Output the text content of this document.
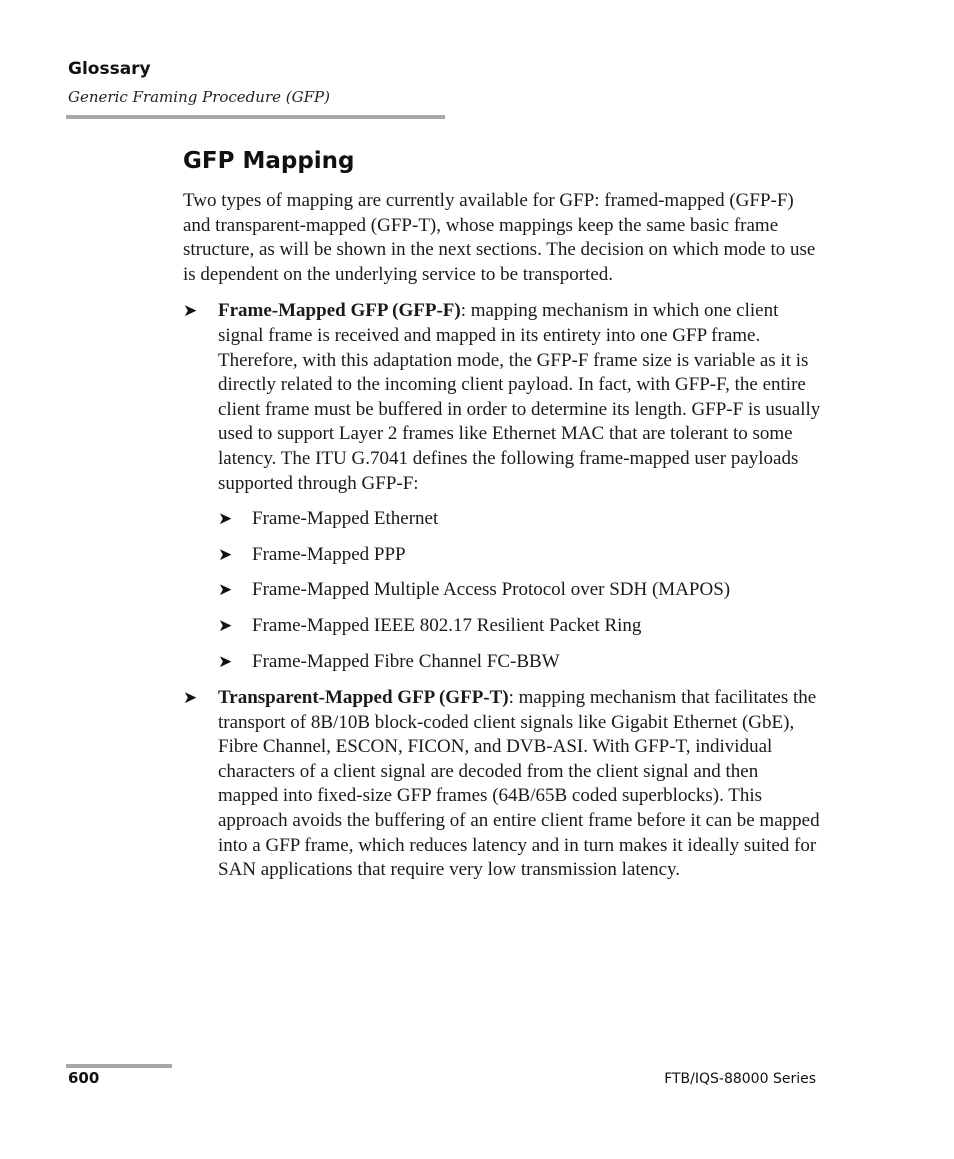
Glossary
Generic Framing Procedure (GFP)
GFP Mapping

Two types of mapping are currently available for GFP: framed-mapped (GFP-F) and transparent-mapped (GFP-T), whose mappings keep the same basic frame structure, as will be shown in the next sections. The decision on which mode to use is dependent on the underlying service to be transported.

➤ Frame-Mapped GFP (GFP-F): mapping mechanism in which one client signal frame is received and mapped in its entirety into one GFP frame. Therefore, with this adaptation mode, the GFP-F frame size is variable as it is directly related to the incoming client payload. In fact, with GFP-F, the entire client frame must be buffered in order to determine its length. GFP-F is usually used to support Layer 2 frames like Ethernet MAC that are tolerant to some latency. The ITU G.7041 defines the following frame-mapped user payloads supported through GFP-F:
➤ Frame-Mapped Ethernet
➤ Frame-Mapped PPP
➤ Frame-Mapped Multiple Access Protocol over SDH (MAPOS)
➤ Frame-Mapped IEEE 802.17 Resilient Packet Ring
➤ Frame-Mapped Fibre Channel FC-BBW
➤ Transparent-Mapped GFP (GFP-T): mapping mechanism that facilitates the transport of 8B/10B block-coded client signals like Gigabit Ethernet (GbE), Fibre Channel, ESCON, FICON, and DVB-ASI. With GFP-T, individual characters of a client signal are decoded from the client signal and then mapped into fixed-size GFP frames (64B/65B coded superblocks). This approach avoids the buffering of an entire client frame before it can be mapped into a GFP frame, which reduces latency and in turn makes it ideally suited for SAN applications that require very low transmission latency.
600	FTB/IQS-88000 Series
